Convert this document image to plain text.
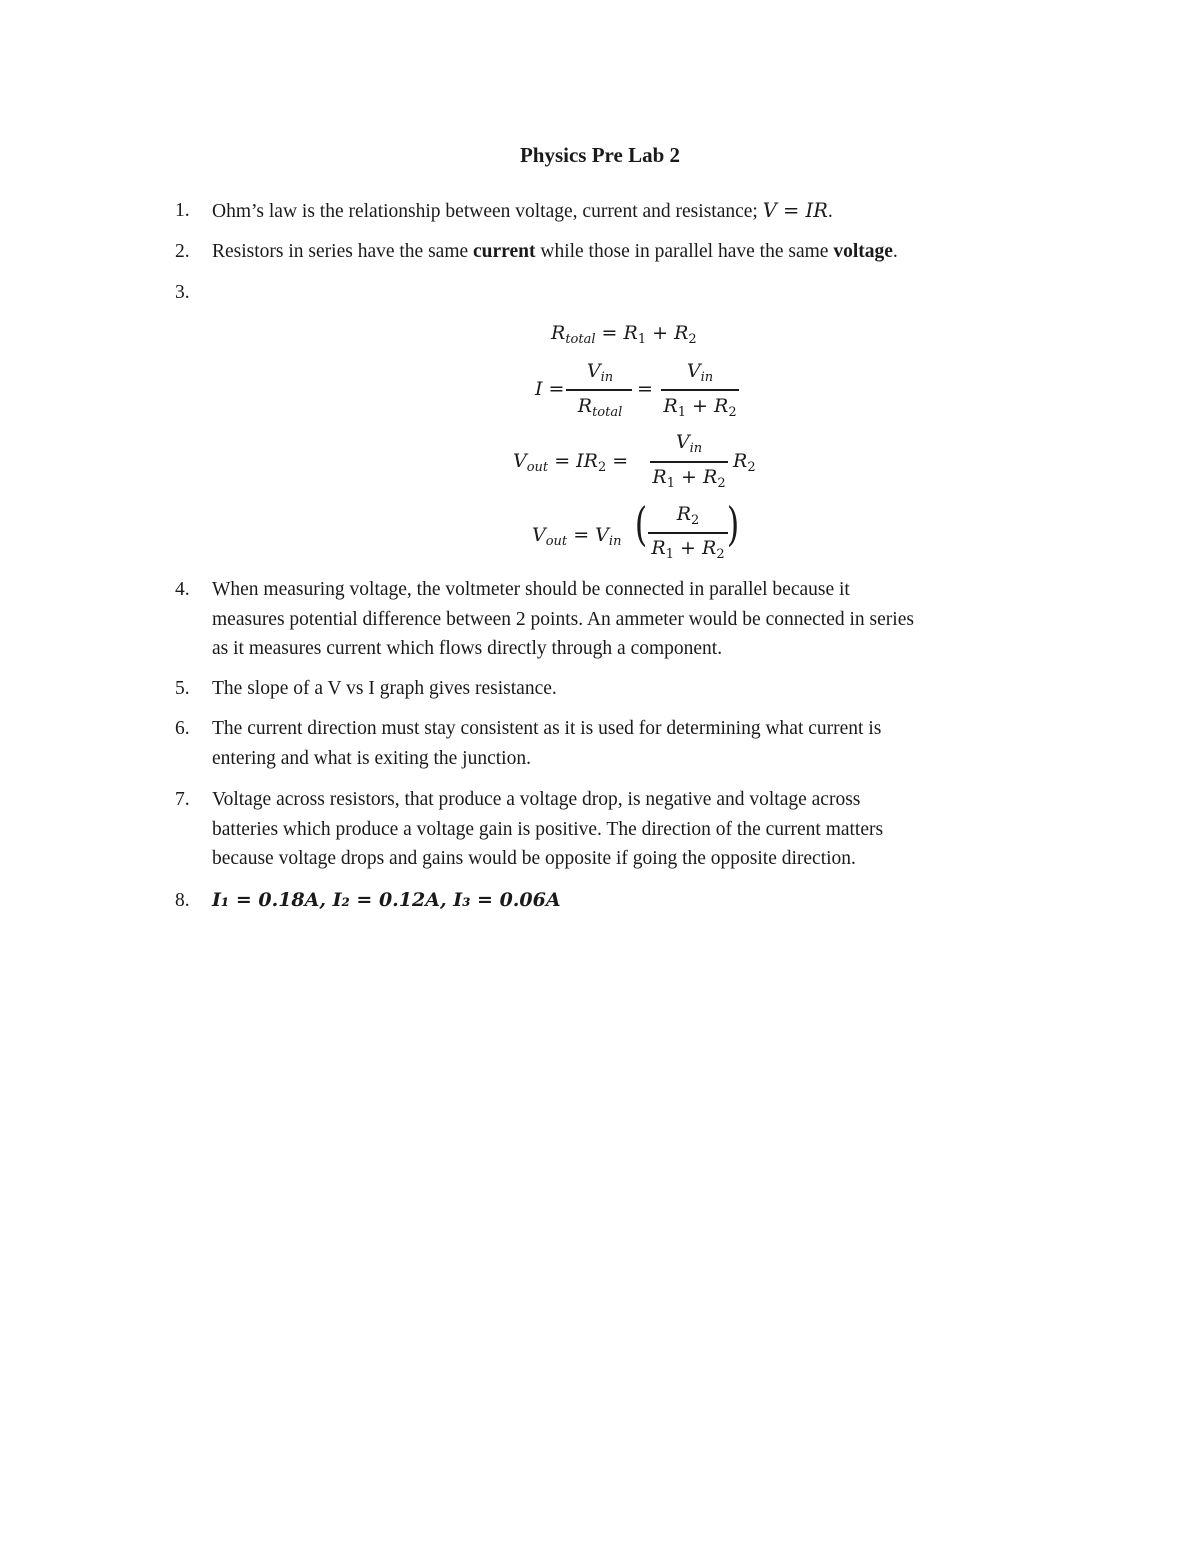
Physics Pre Lab 2
1.	Ohm’s law is the relationship between voltage, current and resistance; V = IR.
2.	Resistors in series have the same current while those in parallel have the same voltage.
3.
$R_{total} = R_1 + R_2$
I =
$V_{in}$
$R_{total}$
=
$V_{in}$
$R_1 + R_2$
$V_{out} = IR_2$ =
$V_{in}$
$R_1 + R_2$
$R_2$
$V_{out} = V_{in}$ (	$R_2$
$R_1 + R_2$
)
4.	When measuring voltage, the voltmeter should be connected in parallel because it
measures potential difference between 2 points. An ammeter would be connected in series
as it measures current which flows directly through a component.
5.	The slope of a V vs I graph gives resistance.
6.	The current direction must stay consistent as it is used for determining what current is
entering and what is exiting the junction.
7.	Voltage across resistors, that produce a voltage drop, is negative and voltage across
batteries which produce a voltage gain is positive. The direction of the current matters
because voltage drops and gains would be opposite if going the opposite direction.
8.	I₁ = 0.18A, I₂ = 0.12A, I₃ = 0.06A
